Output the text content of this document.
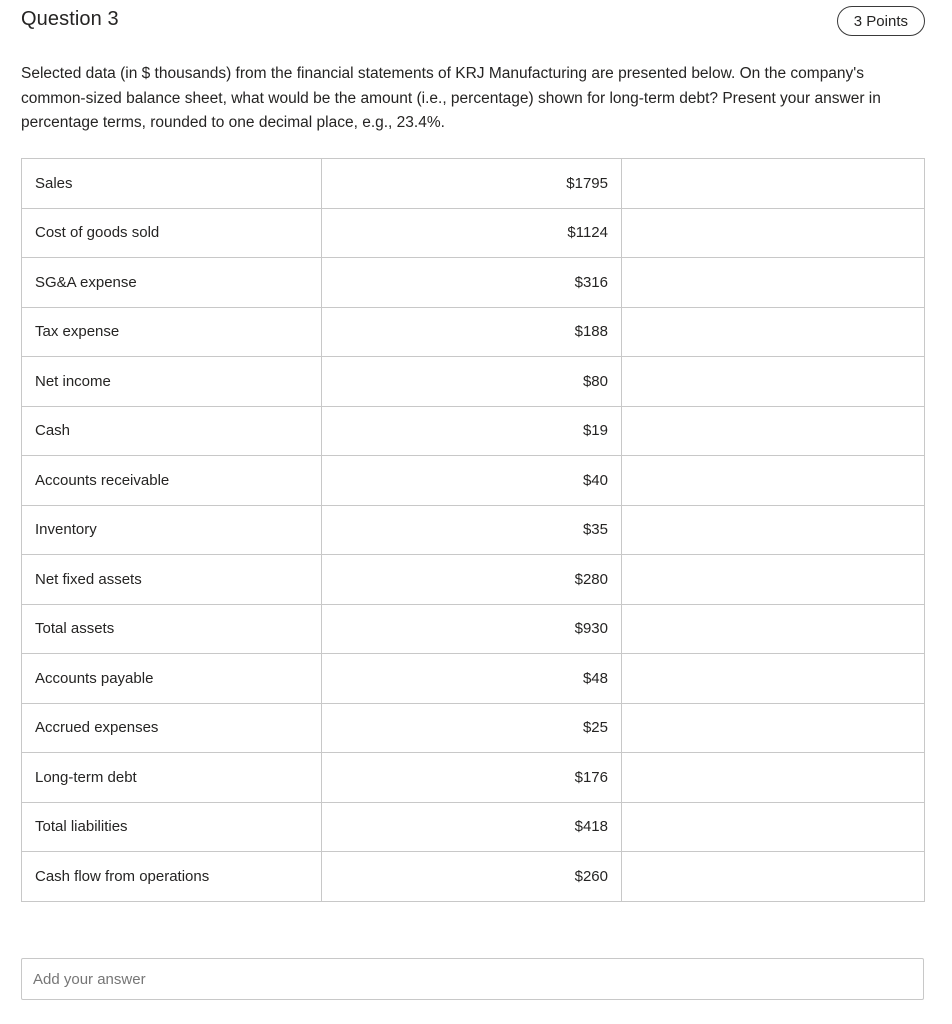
Question 3	3 Points
Selected data (in $ thousands) from the financial statements of KRJ Manufacturing are presented below. On the company's common-sized balance sheet, what would be the amount (i.e., percentage) shown for long-term debt? Present your answer in percentage terms, rounded to one decimal place, e.g., 23.4%.
Sales	$1795	
Cost of goods sold	$1124	
SG&A expense	$316	
Tax expense	$188	
Net income	$80	
Cash	$19	
Accounts receivable	$40	
Inventory	$35	
Net fixed assets	$280	
Total assets	$930	
Accounts payable	$48	
Accrued expenses	$25	
Long-term debt	$176	
Total liabilities	$418	
Cash flow from operations	$260	
Add your answer
